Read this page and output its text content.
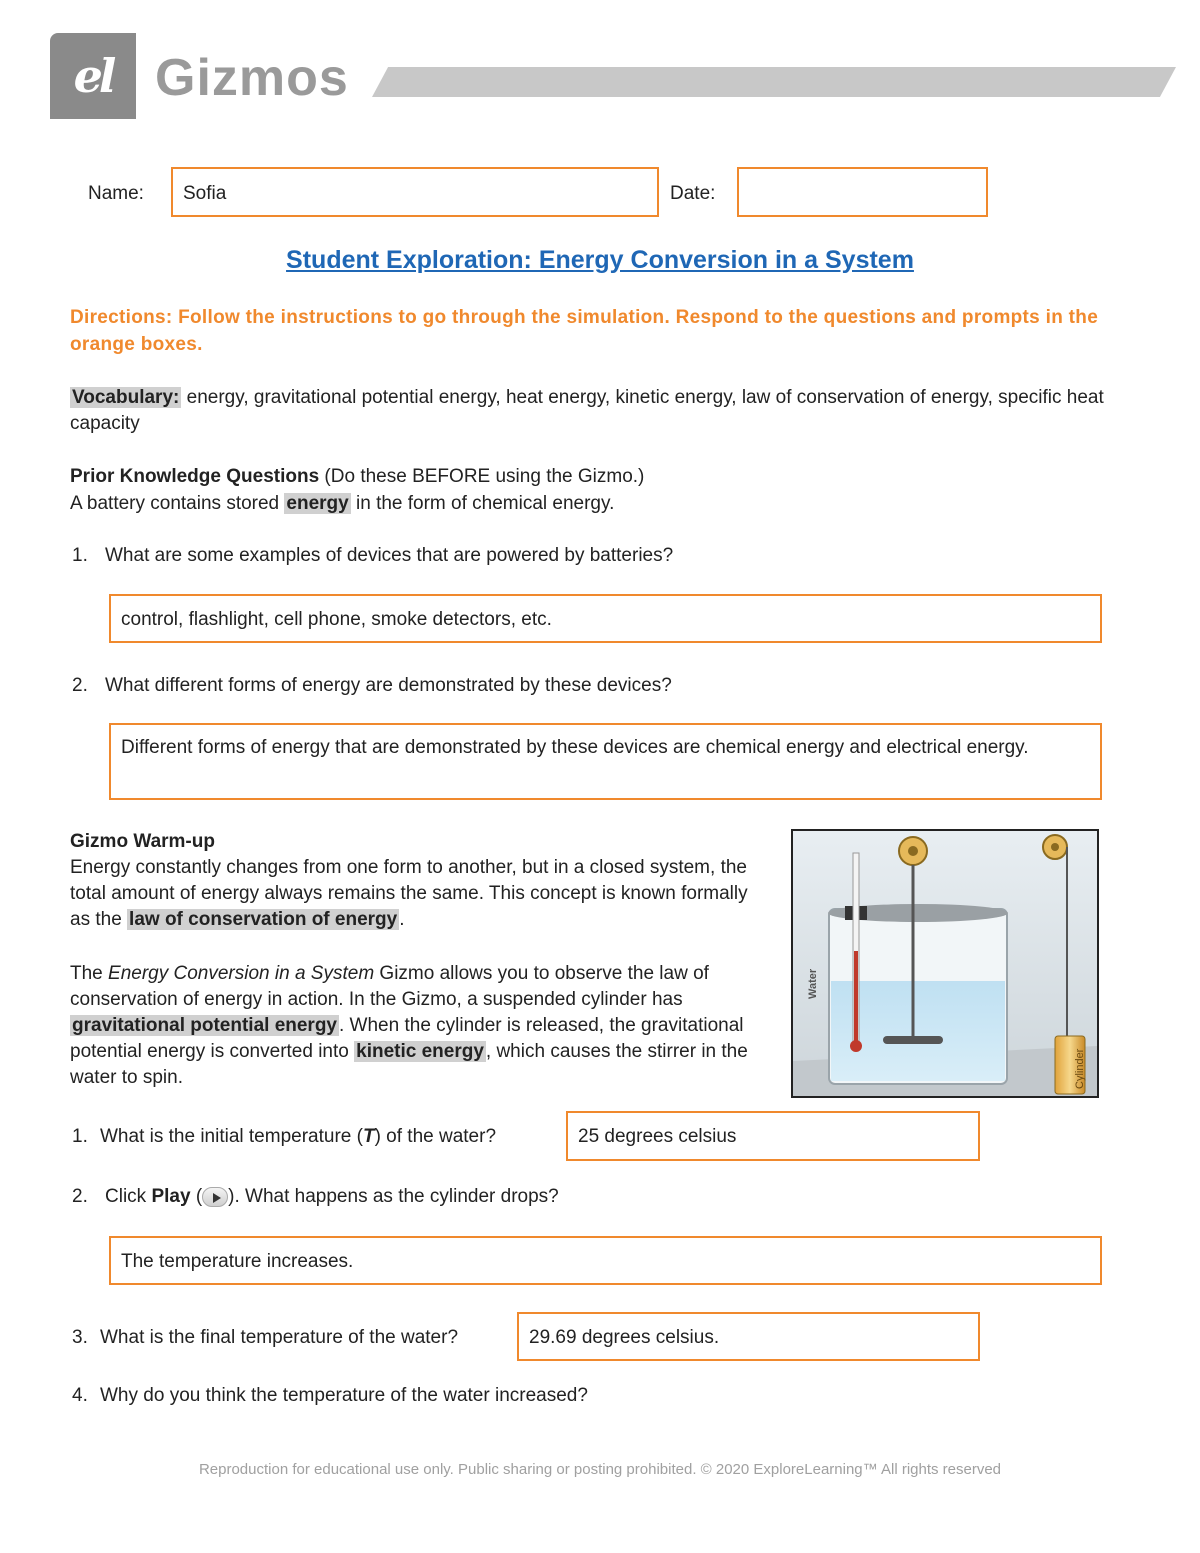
el Gizmos
Name:	Sofia	Date:
Student Exploration: Energy Conversion in a System
Directions: Follow the instructions to go through the simulation. Respond to the questions and prompts in the orange boxes.
Vocabulary: energy, gravitational potential energy, heat energy, kinetic energy, law of conservation of energy, specific heat capacity
Prior Knowledge Questions (Do these BEFORE using the Gizmo.)
A battery contains stored energy in the form of chemical energy.
1. What are some examples of devices that are powered by batteries?
control, flashlight, cell phone, smoke detectors, etc.
2. What different forms of energy are demonstrated by these devices?
Different forms of energy that are demonstrated by these devices are chemical energy and electrical energy.
Gizmo Warm-up
Energy constantly changes from one form to another, but in a closed system, the total amount of energy always remains the same. This concept is known formally as the law of conservation of energy .
The Energy Conversion in a System Gizmo allows you to observe the law of conservation of energy in action. In the Gizmo, a suspended cylinder has gravitational potential energy . When the cylinder is released, the gravitational potential energy is converted into kinetic energy , which causes the stirrer in the water to spin.
Water
Cylinder
1. What is the initial temperature (T) of the water?	25 degrees celsius
2. Click Play ( ). What happens as the cylinder drops?
The temperature increases.
3. What is the final temperature of the water?	29.69 degrees celsius.
4. Why do you think the temperature of the water increased?
Reproduction for educational use only. Public sharing or posting prohibited. © 2020 ExploreLearning™ All rights reserved
